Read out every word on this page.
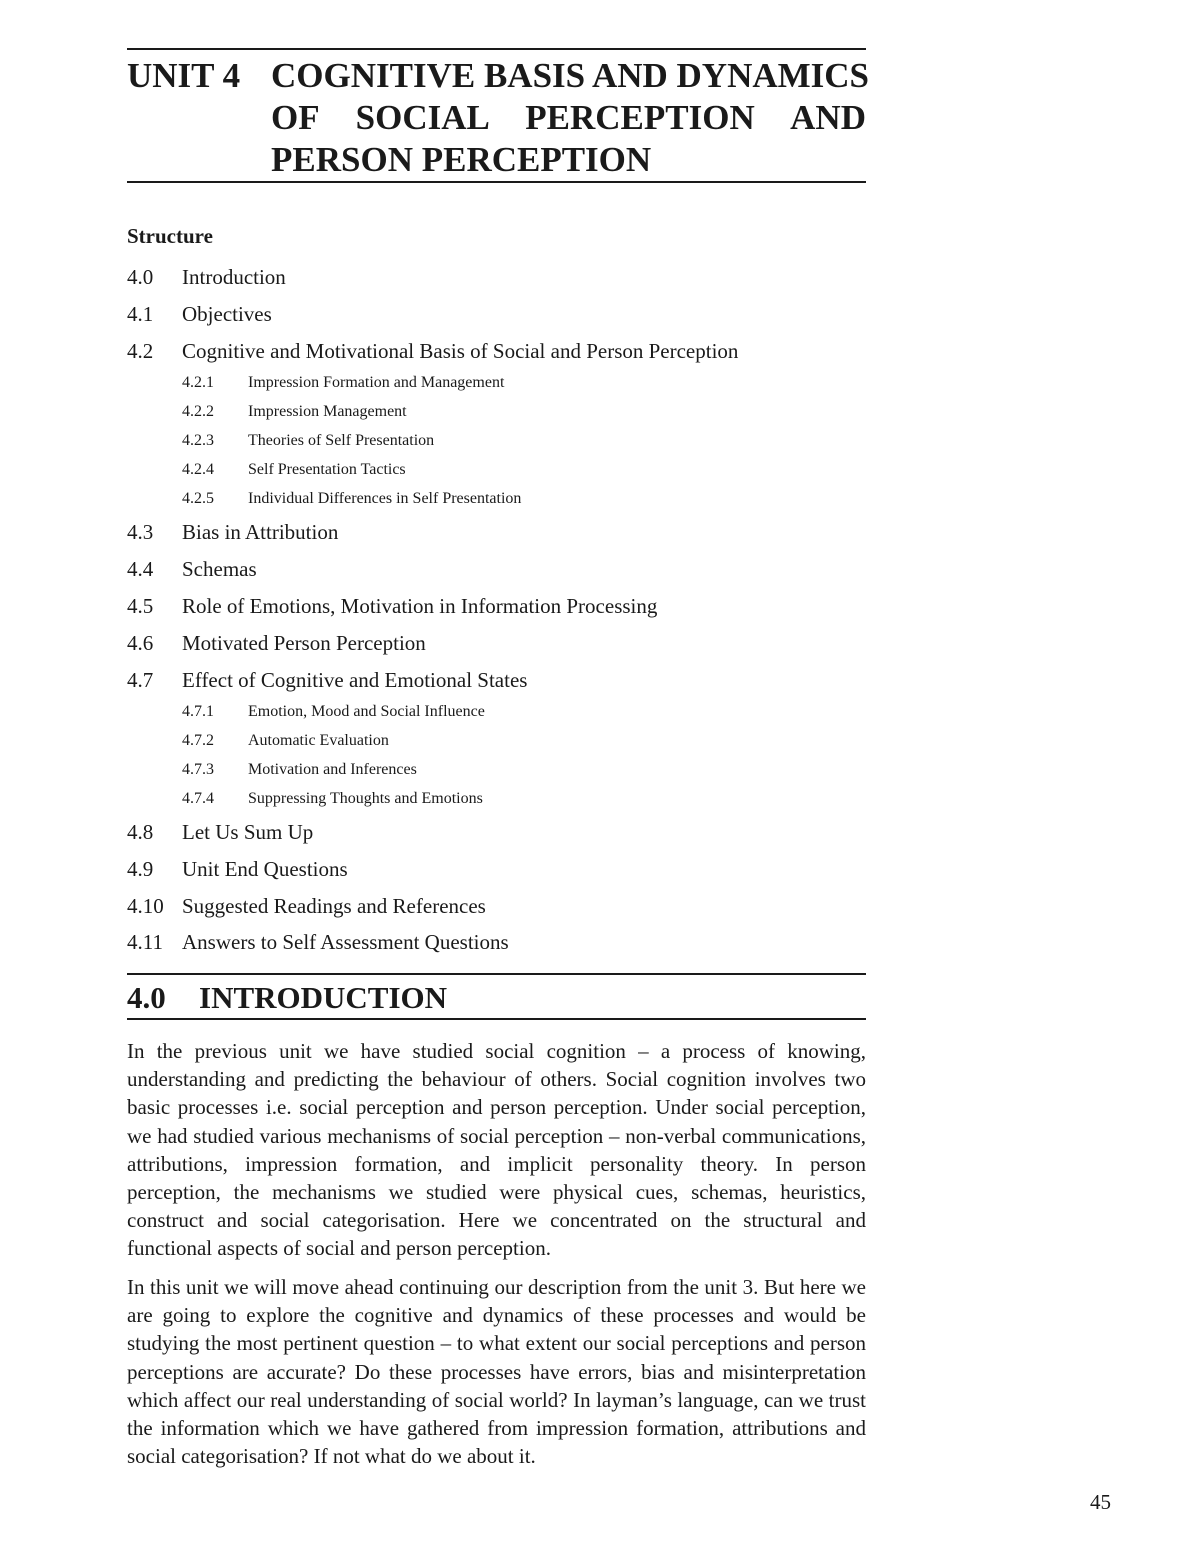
UNIT 4 COGNITIVE BASIS AND DYNAMICS
OF SOCIAL PERCEPTION AND
PERSON PERCEPTION
Structure
4.0 Introduction
4.1 Objectives
4.2 Cognitive and Motivational Basis of Social and Person Perception
4.2.1 Impression Formation and Management
4.2.2 Impression Management
4.2.3 Theories of Self Presentation
4.2.4 Self Presentation Tactics
4.2.5 Individual Differences in Self Presentation
4.3 Bias in Attribution
4.4 Schemas
4.5 Role of Emotions, Motivation in Information Processing
4.6 Motivated Person Perception
4.7 Effect of Cognitive and Emotional States
4.7.1 Emotion, Mood and Social Influence
4.7.2 Automatic Evaluation
4.7.3 Motivation and Inferences
4.7.4 Suppressing Thoughts and Emotions
4.8 Let Us Sum Up
4.9 Unit End Questions
4.10 Suggested Readings and References
4.11 Answers to Self Assessment Questions
4.0 INTRODUCTION

In the previous unit we have studied social cognition – a process of knowing, understanding and predicting the behaviour of others. Social cognition involves two basic processes i.e. social perception and person perception. Under social perception, we had studied various mechanisms of social perception – non-verbal communications, attributions, impression formation, and implicit personality theory. In person perception, the mechanisms we studied were physical cues, schemas, heuristics, construct and social categorisation. Here we concentrated on the structural and functional aspects of social and person perception.

In this unit we will move ahead continuing our description from the unit 3. But here we are going to explore the cognitive and dynamics of these processes and would be studying the most pertinent question – to what extent our social perceptions and person perceptions are accurate? Do these processes have errors, bias and misinterpretation which affect our real understanding of social world? In layman’s language, can we trust the information which we have gathered from impression formation, attributions and social categorisation? If not what do we about it.

45
